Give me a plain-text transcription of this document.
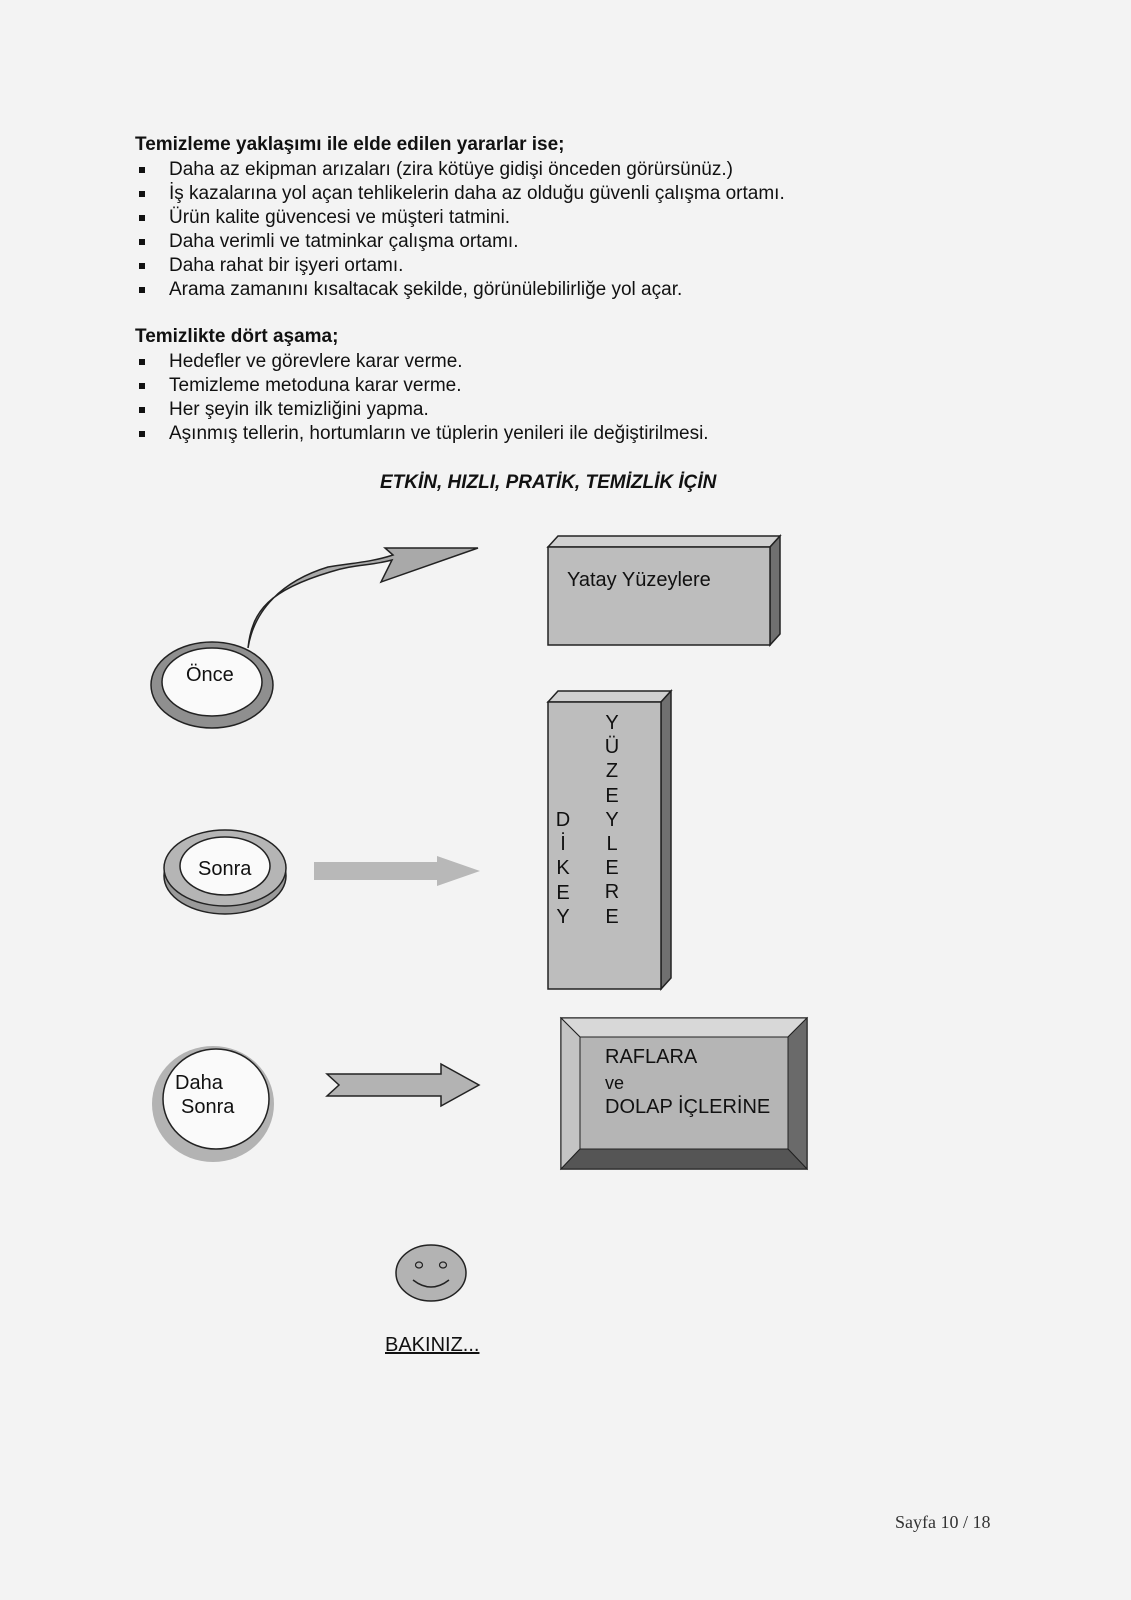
Temizleme yaklaşımı ile elde edilen yararlar ise;
Daha az ekipman arızaları (zira kötüye gidişi önceden görürsünüz.)
İş kazalarına yol açan tehlikelerin daha az olduğu güvenli çalışma ortamı.
Ürün kalite güvencesi ve müşteri tatmini.
Daha verimli ve tatminkar çalışma ortamı.
Daha rahat bir işyeri ortamı.
Arama zamanını kısaltacak şekilde, görünülebilirliğe yol açar.
Temizlikte dört aşama;
Hedefler ve görevlere karar verme.
Temizleme metoduna karar verme.
Her şeyin ilk temizliğini yapma.
Aşınmış tellerin, hortumların ve tüplerin yenileri ile değiştirilmesi.
ETKİN, HIZLI, PRATİK, TEMİZLİK İÇİN
Önce
Sonra
Daha
Sonra
Yatay Yüzeylere
D
İ
K
E
Y
Y
Ü
Z
E
Y
L
E
R
E
RAFLARA
ve
DOLAP İÇLERİNE
BAKINIZ...
Sayfa 10 / 18
